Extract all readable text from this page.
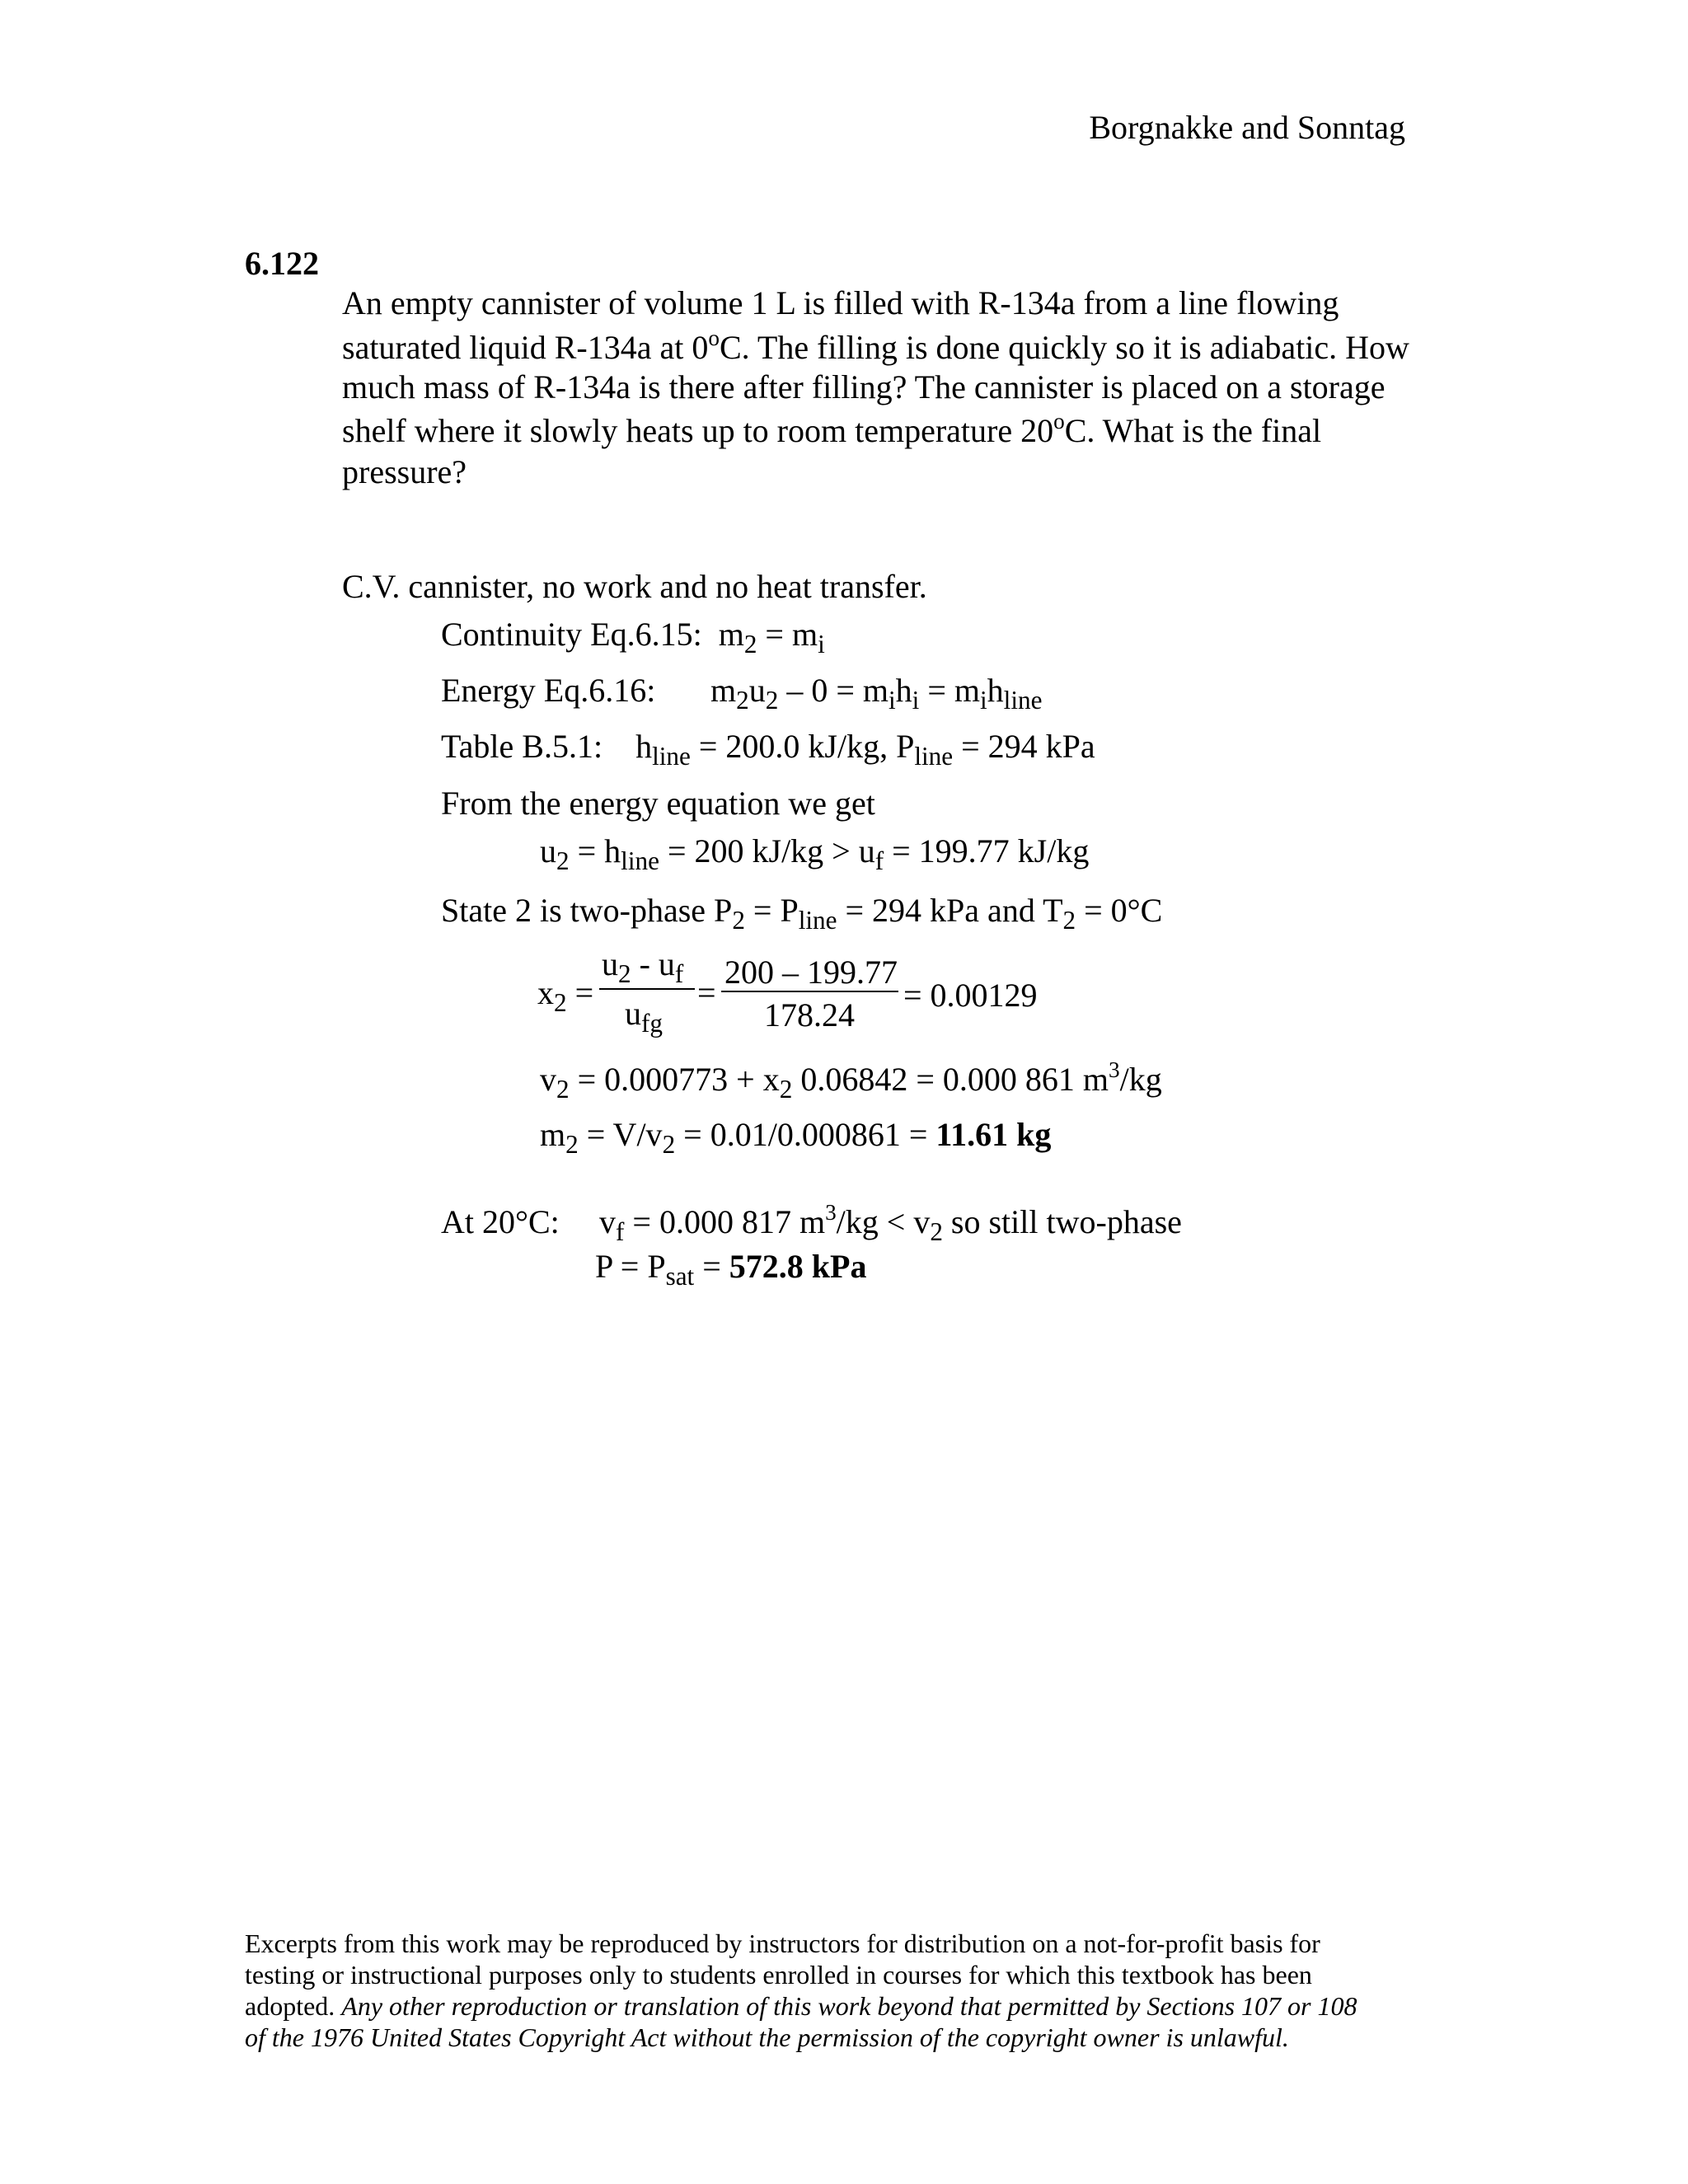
Borgnakke and Sonntag
6.122
An empty cannister of volume 1 L is filled with R-134a from a line flowing
saturated liquid R-134a at 0$^o$C. The filling is done quickly so it is adiabatic. How
much mass of R-134a is there after filling? The cannister is placed on a storage
shelf where it slowly heats up to room temperature 20$^o$C. What is the final
pressure?
C.V. cannister, no work and no heat transfer.
Continuity Eq.6.15: $m_2 = m_i$
Energy Eq.6.16: $m_2u_2 - 0 = m_ih_i = m_ih_{line}$
Table B.5.1: $h_{line} = 200.0$ kJ/kg, $P_{line} = 294$ kPa
From the energy equation we get
$u_2 = h_{line} = 200$ $kJ/kg > u_f = 199.77$ kJ/kg
State 2 is two-phase $P_2 = P_{line} = 294$ kPa and $T_2 = 0^\circ C$
$x_2$ =
$u_2 - u_f$
$u_{fg}$
=
200 – 199.77
178.24
= 0.00129
$v_2 = 0.000773 + x_2$ 0.06842 = 0.000 861 $m^3/kg$
$m_2 = V/v_2 = 0.01/0.000861 = 11.61$ kg
At 20°C: $v_f = 0.000$ 817 $m^3/kg < v_2$ so still two-phase
$P = P_{sat} = 572.8$ kPa
Excerpts from this work may be reproduced by instructors for distribution on a not-for-profit basis for
testing or instructional purposes only to students enrolled in courses for which this textbook has been
adopted. Any other reproduction or translation of this work beyond that permitted by Sections 107 or 108
of the 1976 United States Copyright Act without the permission of the copyright owner is unlawful.
